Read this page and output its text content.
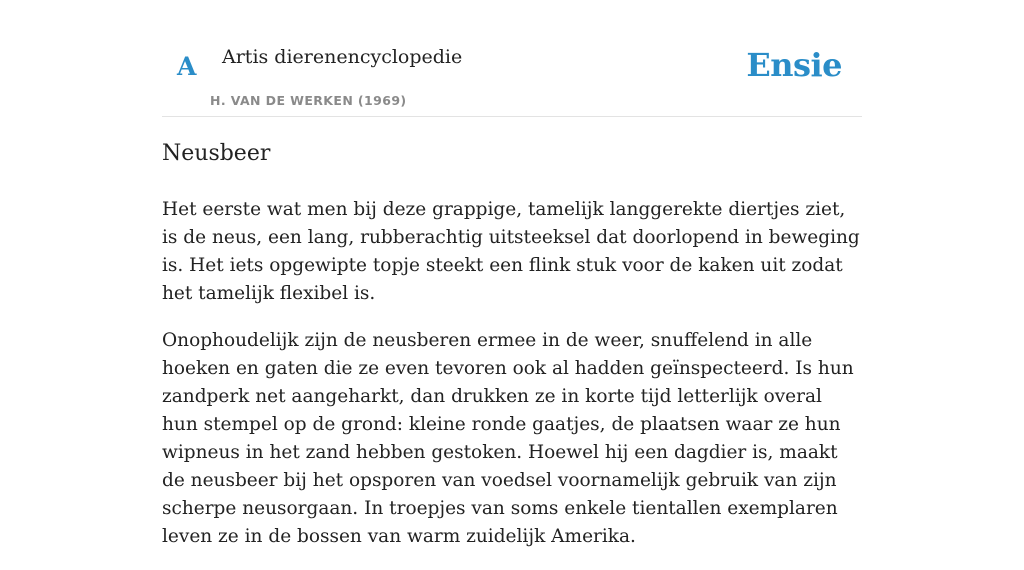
A Artis dierenencyclopedie
H. VAN DE WERKEN (1969)
Ensie
Neusbeer

Het eerste wat men bij deze grappige, tamelijk langgerekte diertjes ziet, is de neus, een lang, rubberachtig uitsteeksel dat doorlopend in beweging is. Het iets opgewipte topje steekt een flink stuk voor de kaken uit zodat het tamelijk flexibel is.

Onophoudelijk zijn de neusberen ermee in de weer, snuffelend in alle hoeken en gaten die ze even tevoren ook al hadden geïnspecteerd. Is hun zandperk net aangeharkt, dan drukken ze in korte tijd letterlijk overal hun stempel op de grond: kleine ronde gaatjes, de plaatsen waar ze hun wipneus in het zand hebben gestoken. Hoewel hij een dagdier is, maakt de neusbeer bij het opsporen van voedsel voornamelijk gebruik van zijn scherpe neusorgaan. In troepjes van soms enkele tientallen exemplaren leven ze in de bossen van warm zuidelijk Amerika.
